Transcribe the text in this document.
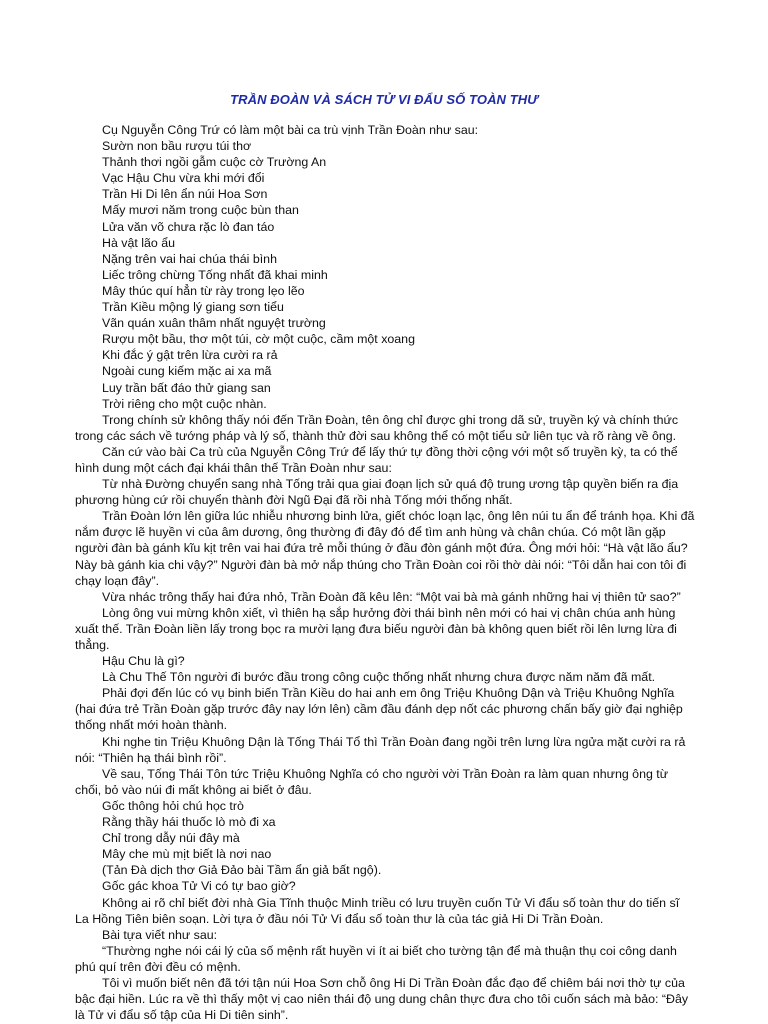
TRẦN ĐOÀN VÀ SÁCH TỬ VI ĐẨU SỐ TOÀN THƯ
Cụ Nguyễn Công Trứ có làm một bài ca trù vịnh Trần Đoàn như sau:
Sườn non bầu rượu túi thơ
Thảnh thơi ngồi gẫm cuộc cờ Trường An
Vạc Hậu Chu vừa khi mới đổi
Trần Hi Di lên ẩn núi Hoa Sơn
Mấy mươi năm trong cuộc bùn than
Lửa văn võ chưa rặc lò đan táo
Hà vật lão ẩu
Nặng trên vai hai chúa thái bình
Liếc trông chừng Tống nhất đã khai minh
Mây thúc quí hẳn từ rày trong lẹo lẽo
Trần Kiều mộng lý giang sơn tiểu
Vãn quán xuân thâm nhất nguyệt trường
Rượu một bầu, thơ một túi, cờ một cuộc, cầm một xoang
Khi đắc ý gật trên lừa cười ra rả
Ngoài cung kiếm mặc ai xa mã
Luy trần bất đáo thử giang san
Trời riêng cho một cuộc nhàn.
Trong chính sử không thấy nói đến Trần Đoàn, tên ông chỉ được ghi trong dã sử, truyền ký và chính thức trong các sách về tướng pháp và lý số, thành thử đời sau không thể có một tiểu sử liên tục và rõ ràng về ông.
Căn cứ vào bài Ca trù của Nguyễn Công Trứ để lấy thứ tự đồng thời cộng với một số truyền kỳ, ta có thể hình dung một cách đại khái thân thế Trần Đoàn như sau:
Từ nhà Đường chuyển sang nhà Tống trải qua giai đoạn lịch sử quá độ trung ương tập quyền biến ra địa phương hùng cứ rồi chuyển thành đời Ngũ Đại đã rồi nhà Tống mới thống nhất.
Trần Đoàn lớn lên giữa lúc nhiễu nhương binh lửa, giết chóc loạn lạc, ông lên núi tu ẩn để tránh họa. Khi đã nắm được lẽ huyền vi của âm dương, ông thường đi đây đó để tìm anh hùng và chân chúa. Có một lần gặp người đàn bà gánh kĩu kịt trên vai hai đứa trẻ mỗi thúng ở đầu đòn gánh một đứa. Ông mới hỏi: “Hà vật lão ẩu? Này bà gánh kia chi vậy?” Người đàn bà mở nắp thúng cho Trần Đoàn coi rồi thờ dài nói: “Tôi dẫn hai con tôi đi chạy loạn đây”.
Vừa nhác trông thấy hai đứa nhỏ, Trần Đoàn đã kêu lên: “Một vai bà mà gánh những hai vị thiên tử sao?”
Lòng ông vui mừng khôn xiết, vì thiên hạ sắp hưởng đời thái bình nên mới có hai vị chân chúa anh hùng xuất thế. Trần Đoàn liền lấy trong bọc ra mười lạng đưa biếu người đàn bà không quen biết rồi lên lưng lừa đi thẳng.
Hậu Chu là gì?
Là Chu Thế Tôn người đi bước đầu trong công cuộc thống nhất nhưng chưa được năm năm đã mất.
Phải đợi đến lúc có vụ binh biến Trần Kiều do hai anh em ông Triệu Khuông Dận và Triệu Khuông Nghĩa (hai đứa trẻ Trần Đoàn gặp trước đây nay lớn lên) cầm đầu đánh dẹp nốt các phương chấn bấy giờ đại nghiệp thống nhất mới hoàn thành.
Khi nghe tin Triệu Khuông Dận là Tống Thái Tổ thì Trần Đoàn đang ngồi trên lưng lừa ngửa mặt cười ra rả nói: “Thiên hạ thái bình rồi”.
Về sau, Tống Thái Tôn tức Triệu Khuông Nghĩa có cho người vời Trần Đoàn ra làm quan nhưng ông từ chối, bỏ vào núi đi mất không ai biết ở đâu.
Gốc thông hỏi chú học trò
Rằng thầy hái thuốc lò mò đi xa
Chỉ trong dẫy núi đây mà
Mây che mù mịt biết là nơi nao
(Tản Đà dịch thơ Giả Đảo bài Tầm ẩn giả bất ngộ).
Gốc gác khoa Tử Vi có tự bao giờ?
Không ai rõ chỉ biết đời nhà Gia Tĩnh thuộc Minh triều có lưu truyền cuốn Tử Vi đẩu số toàn thư do tiến sĩ La Hồng Tiên biên soạn. Lời tựa ở đầu nói Tử Vi đẩu số toàn thư là của tác giả Hi Di Trần Đoàn.
Bài tựa viết như sau:
“Thường nghe nói cái lý của số mệnh rất huyền vi ít ai biết cho tường tận để mà thuận thụ coi công danh phú quí trên đời đều có mệnh.
Tôi vì muốn biết nên đã tới tận núi Hoa Sơn chỗ ông Hi Di Trần Đoàn đắc đạo để chiêm bái nơi thờ tự của bậc đại hiền. Lúc ra về thì thấy một vị cao niên thái độ ung dung chân thực đưa cho tôi cuốn sách mà bảo: “Đây là Tử vi đẩu số tập của Hi Di tiên sinh”.
